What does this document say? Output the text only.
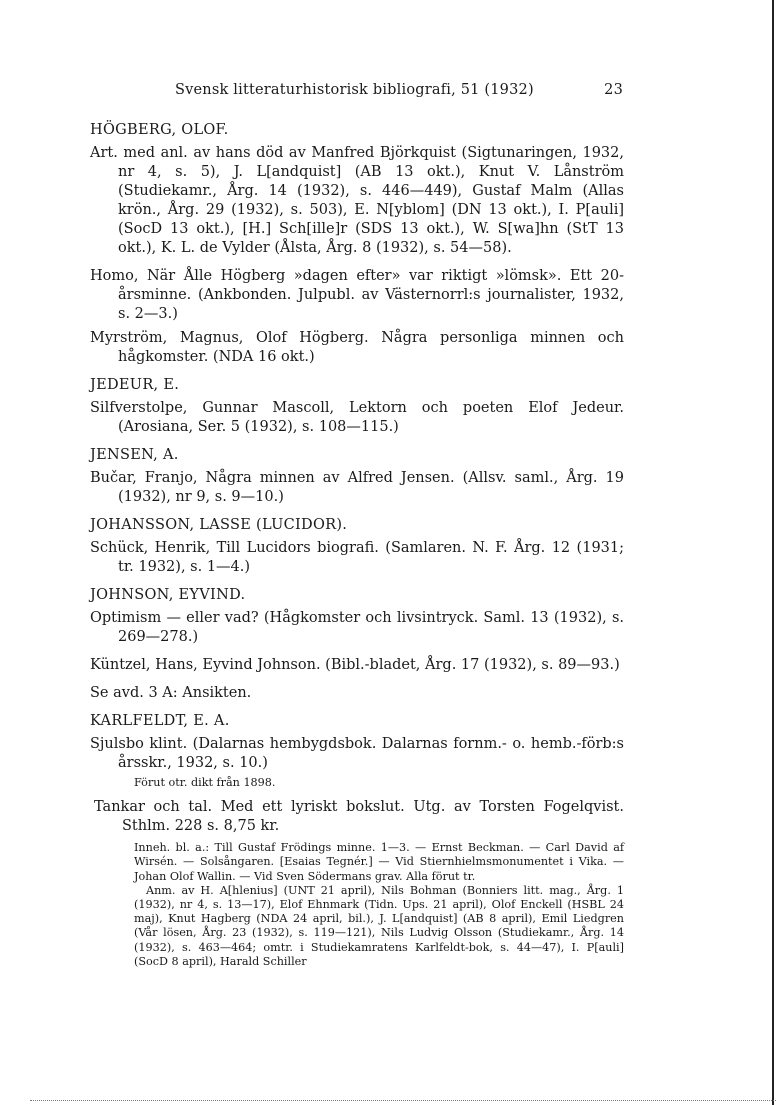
Svensk litteraturhistorisk bibliografi, 51 (1932)	23
HÖGBERG, OLOF.

Art. med anl. av hans död av Manfred Björkquist (Sigtunaringen, 1932, nr 4, s. 5), J. L[andquist] (AB 13 okt.), Knut V. Lånström (Studiekamr., Årg. 14 (1932), s. 446—449), Gustaf Malm (Allas krön., Årg. 29 (1932), s. 503), E. N[yblom] (DN 13 okt.), I. P[auli] (SocD 13 okt.), [H.] Sch[ille]r (SDS 13 okt.), W. S[wa]hn (StT 13 okt.), K. L. de Vylder (Ålsta, Årg. 8 (1932), s. 54—58).

Homo, När Ålle Högberg »dagen efter» var riktigt »lömsk». Ett 20-årsminne. (Ankbonden. Julpubl. av Västernorrl:s journalister, 1932, s. 2—3.)

Myrström, Magnus, Olof Högberg. Några personliga minnen och hågkomster. (NDA 16 okt.)

JEDEUR, E.

Silfverstolpe, Gunnar Mascoll, Lektorn och poeten Elof Jedeur. (Arosiana, Ser. 5 (1932), s. 108—115.)

JENSEN, A.

Bučar, Franjo, Några minnen av Alfred Jensen. (Allsv. saml., Årg. 19 (1932), nr 9, s. 9—10.)

JOHANSSON, LASSE (LUCIDOR).

Schück, Henrik, Till Lucidors biografi. (Samlaren. N. F. Årg. 12 (1931; tr. 1932), s. 1—4.)

JOHNSON, EYVIND.

Optimism — eller vad? (Hågkomster och livsintryck. Saml. 13 (1932), s. 269—278.)

Küntzel, Hans, Eyvind Johnson. (Bibl.-bladet, Årg. 17 (1932), s. 89—93.)

Se avd. 3 A: Ansikten.

KARLFELDT, E. A.

Sjulsbo klint. (Dalarnas hembygdsbok. Dalarnas fornm.- o. hemb.-förb:s årsskr., 1932, s. 10.)

Förut otr. dikt från 1898.

Tankar och tal. Med ett lyriskt bokslut. Utg. av Torsten Fogelqvist. Sthlm. 228 s. 8,75 kr.

Inneh. bl. a.: Till Gustaf Frödings minne. 1—3. — Ernst Beckman. — Carl David af Wirsén. — Solsångaren. [Esaias Tegnér.] — Vid Stiernhielmsmonumentet i Vika. — Johan Olof Wallin. — Vid Sven Södermans grav. Alla förut tr.

Anm. av H. A[hlenius] (UNT 21 april), Nils Bohman (Bonniers litt. mag., Årg. 1 (1932), nr 4, s. 13—17), Elof Ehnmark (Tidn. Ups. 21 april), Olof Enckell (HSBL 24 maj), Knut Hagberg (NDA 24 april, bil.), J. L[andquist] (AB 8 april), Emil Liedgren (Vår lösen, Årg. 23 (1932), s. 119—121), Nils Ludvig Olsson (Studiekamr., Årg. 14 (1932), s. 463—464; omtr. i Studiekamratens Karlfeldt-bok, s. 44—47), I. P[auli] (SocD 8 april), Harald Schiller
